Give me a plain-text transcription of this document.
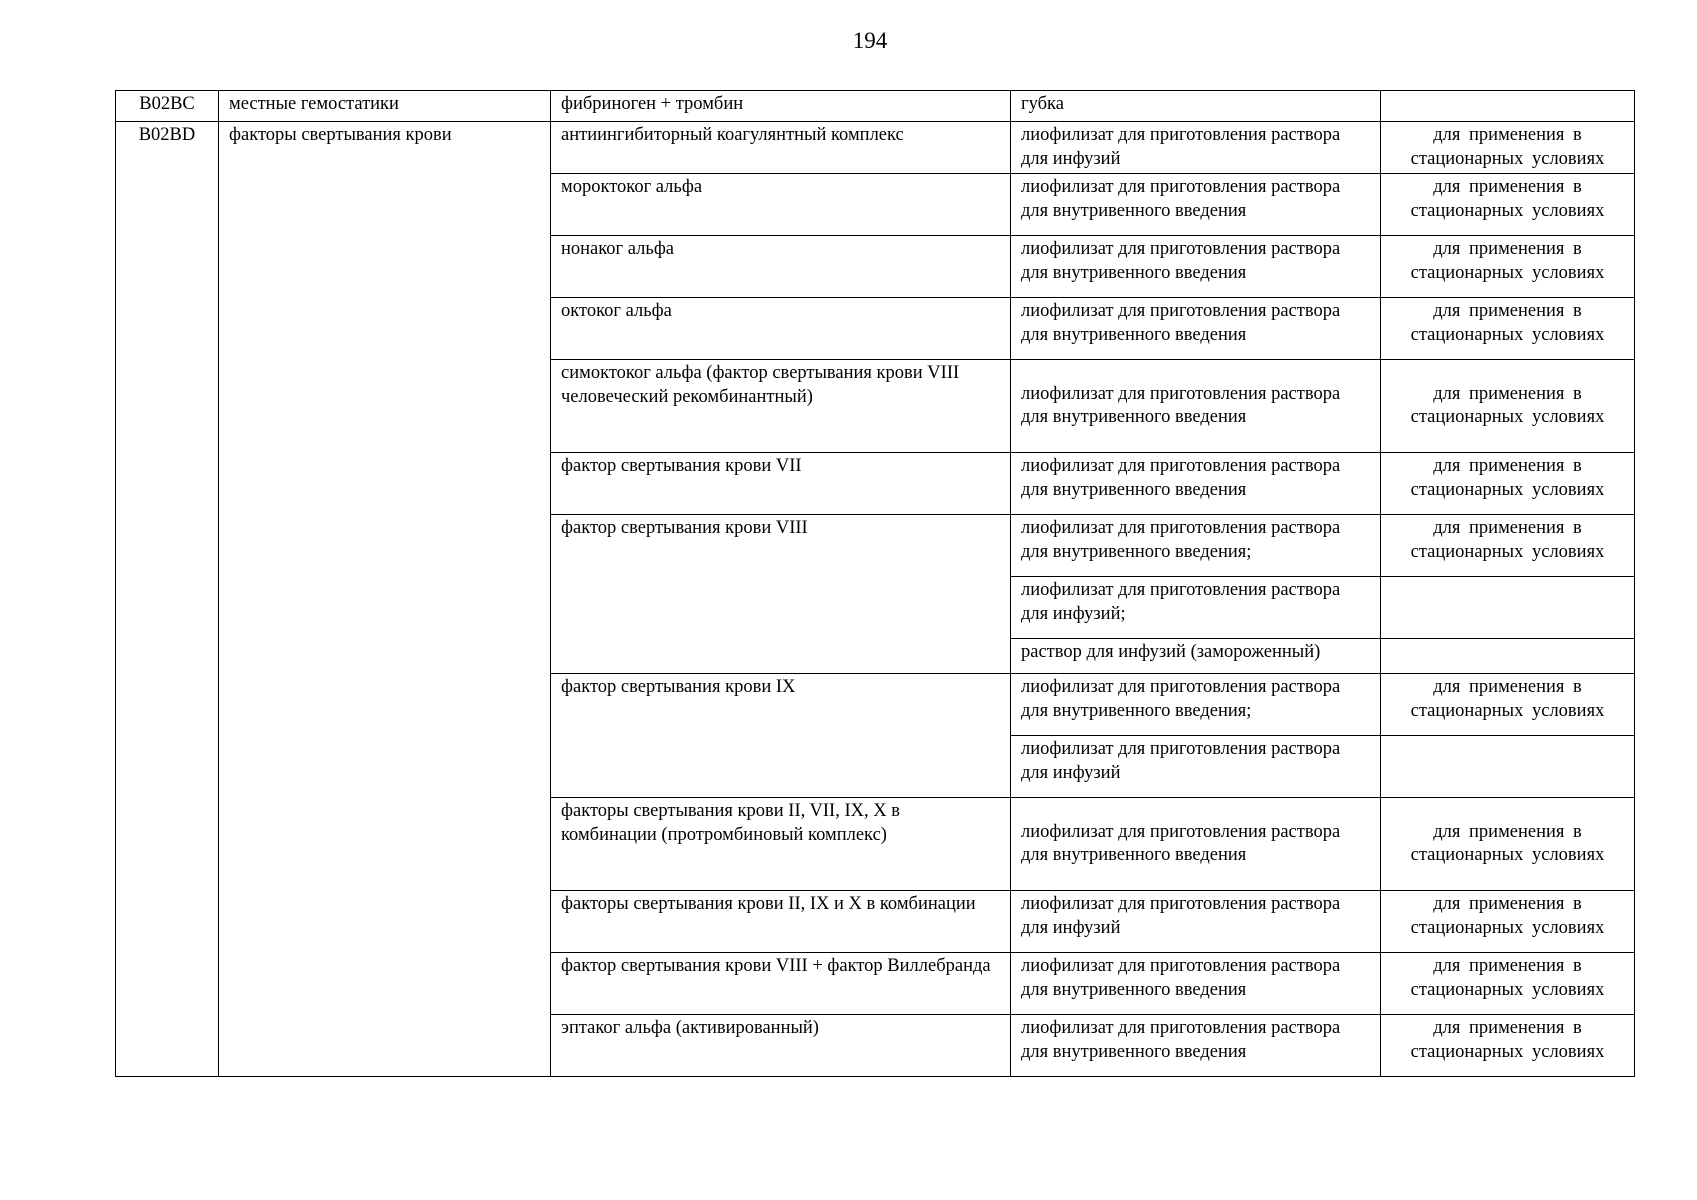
194
B02BC	местные гемостатики	фибриноген + тромбин	губка	
B02BD	факторы свертывания крови	антиингибиторный коагулянтный комплекс	лиофилизат для приготовления раствора для инфузий	для применения в стационарных условиях
		мороктоког альфа	лиофилизат для приготовления раствора для внутривенного введения	для применения в стационарных условиях
		нонаког альфа	лиофилизат для приготовления раствора для внутривенного введения	для применения в стационарных условиях
		октоког альфа	лиофилизат для приготовления раствора для внутривенного введения	для применения в стационарных условиях
		симоктоког альфа (фактор свертывания крови VIII человеческий рекомбинантный)	лиофилизат для приготовления раствора для внутривенного введения	для применения в стационарных условиях
		фактор свертывания крови VII	лиофилизат для приготовления раствора для внутривенного введения	для применения в стационарных условиях
		фактор свертывания крови VIII	лиофилизат для приготовления раствора для внутривенного введения;	для применения в стационарных условиях
			лиофилизат для приготовления раствора для инфузий;	
			раствор для инфузий (замороженный)	
		фактор свертывания крови IX	лиофилизат для приготовления раствора для внутривенного введения;	для применения в стационарных условиях
			лиофилизат для приготовления раствора для инфузий	
		факторы свертывания крови II, VII, IX, X в комбинации (протромбиновый комплекс)	лиофилизат для приготовления раствора для внутривенного введения	для применения в стационарных условиях
		факторы свертывания крови II, IX и X в комбинации	лиофилизат для приготовления раствора для инфузий	для применения в стационарных условиях
		фактор свертывания крови VIII + фактор Виллебранда	лиофилизат для приготовления раствора для внутривенного введения	для применения в стационарных условиях
		эптаког альфа (активированный)	лиофилизат для приготовления раствора для внутривенного введения	для применения в стационарных условиях
